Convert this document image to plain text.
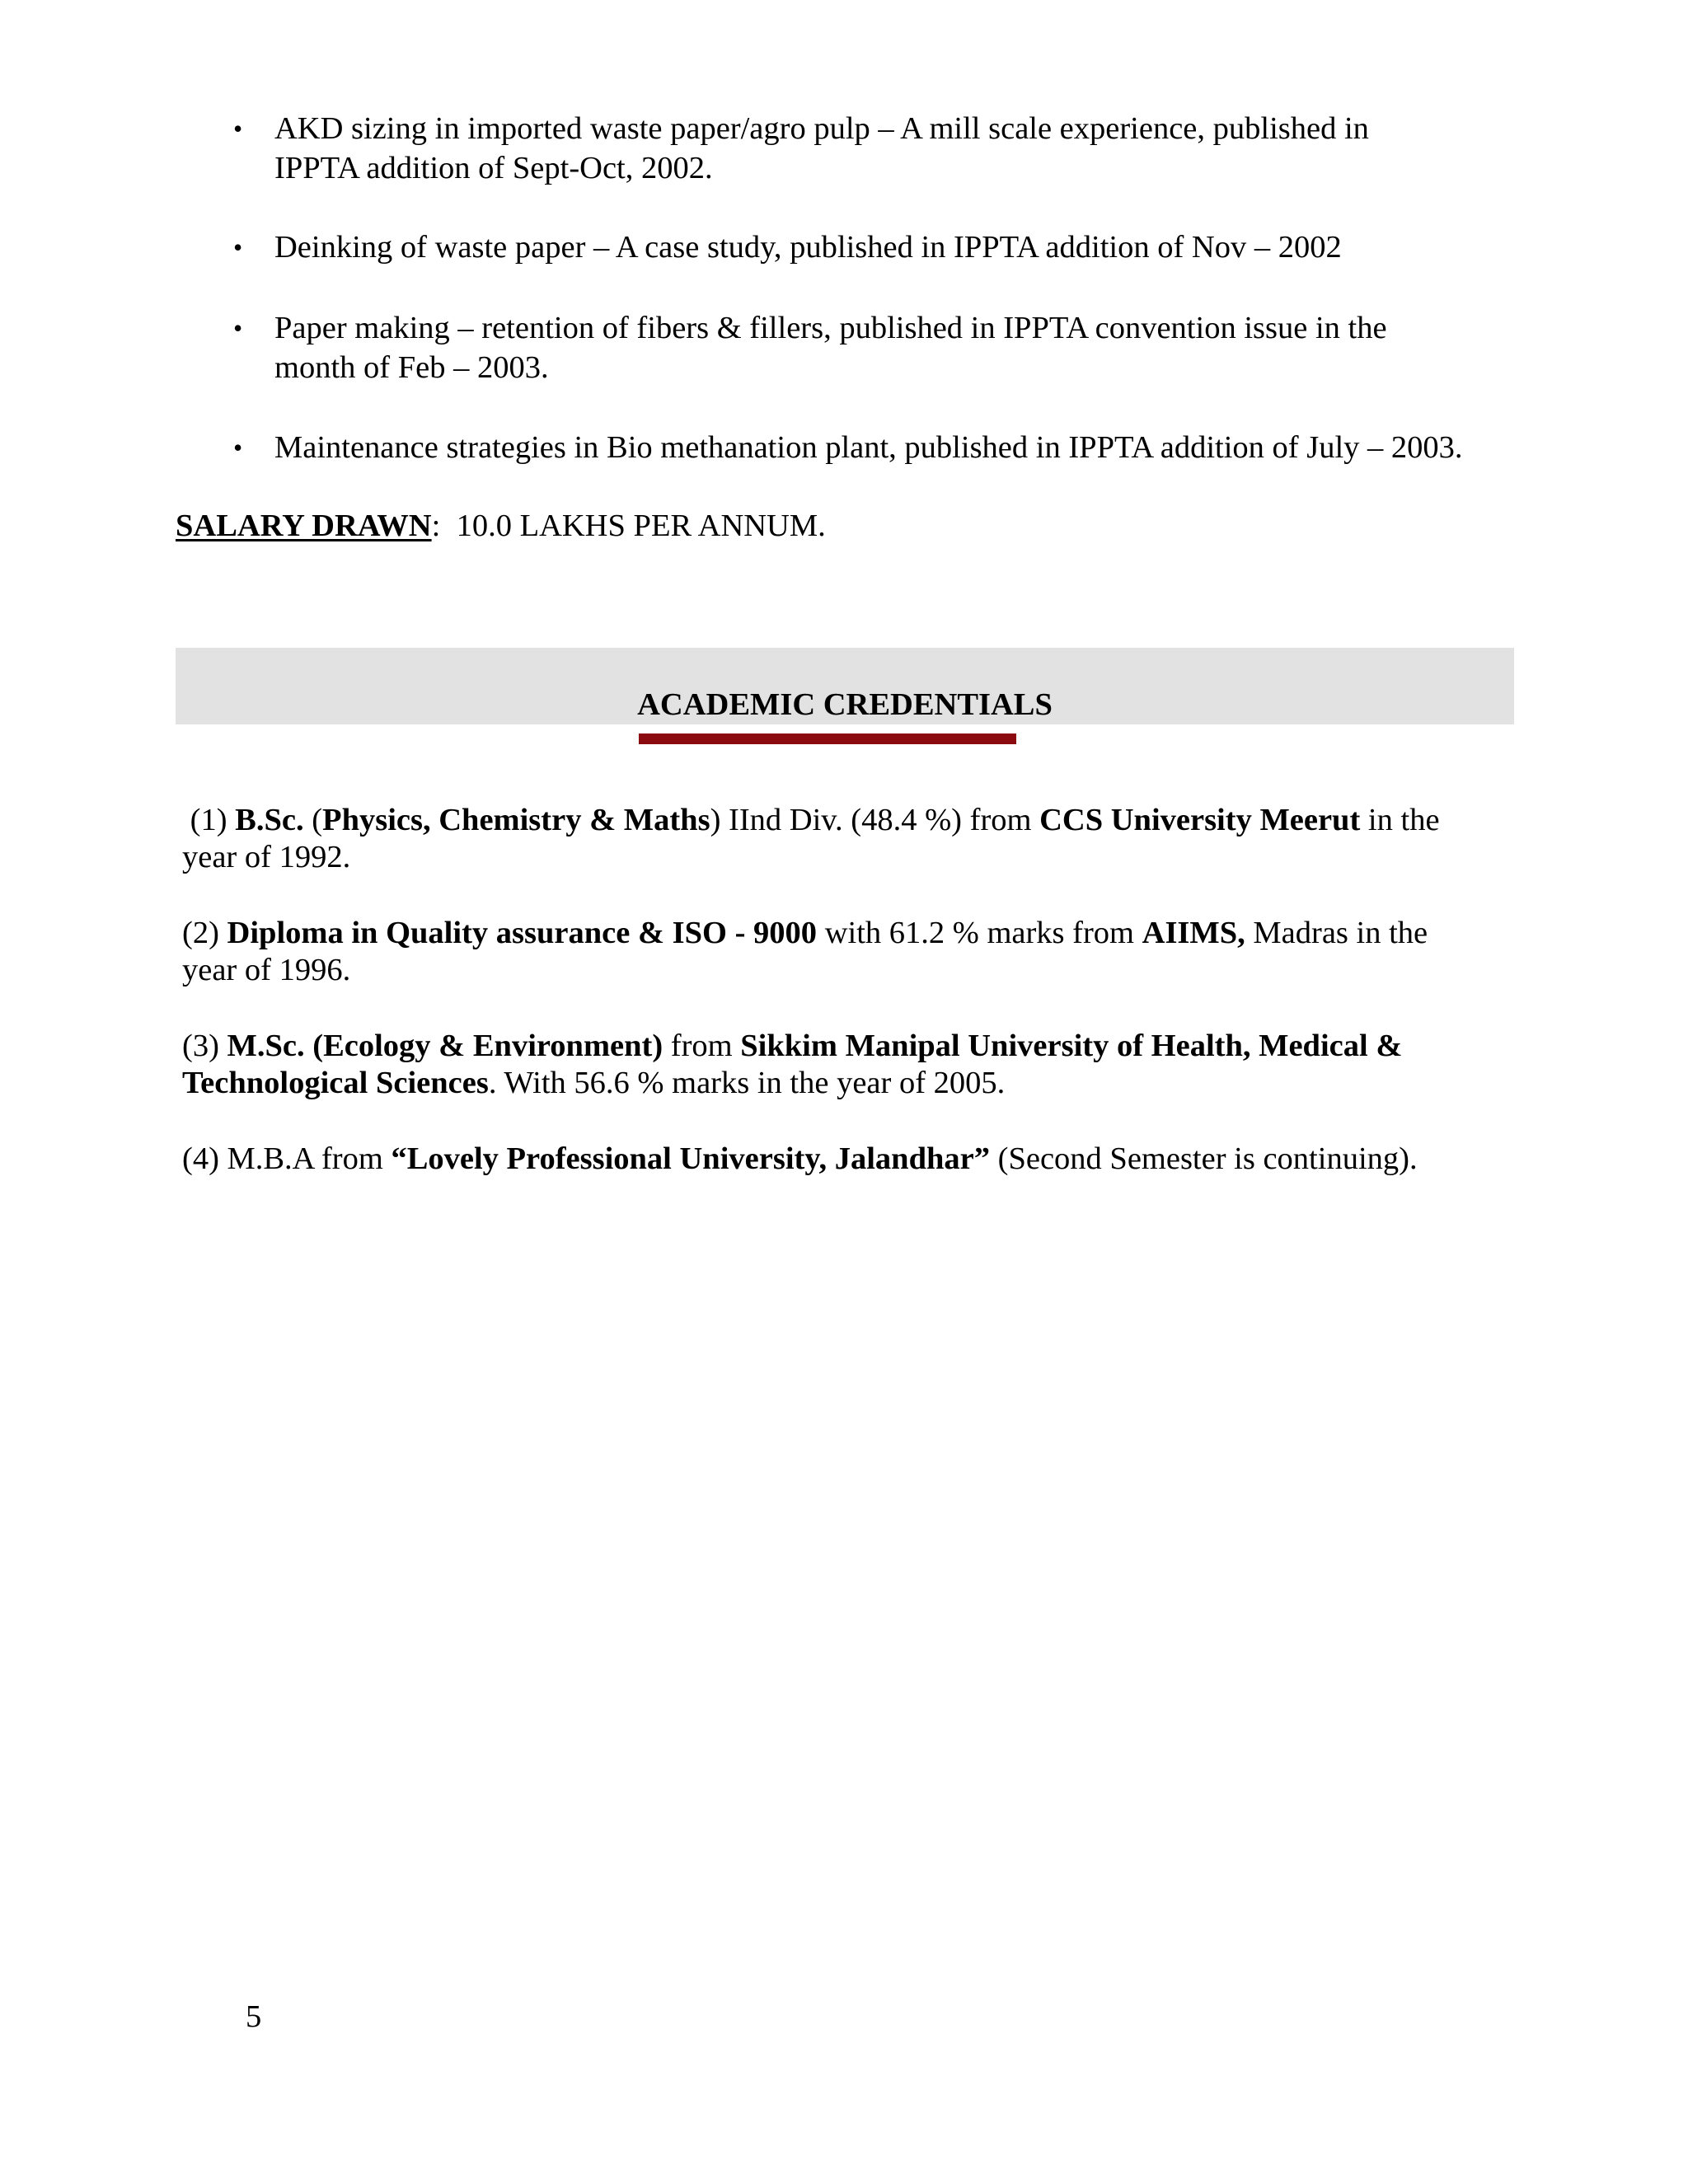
• AKD sizing in imported waste paper/agro pulp – A mill scale experience, published in
IPPTA addition of Sept-Oct, 2002.
• Deinking of waste paper – A case study, published in IPPTA addition of Nov – 2002
• Paper making – retention of fibers & fillers, published in IPPTA convention issue in the
month of Feb – 2003.
• Maintenance strategies in Bio methanation plant, published in IPPTA addition of July – 2003.
SALARY DRAWN: 10.0 LAKHS PER ANNUM.
ACADEMIC CREDENTIALS
(1) B.Sc. (Physics, Chemistry & Maths) IInd Div. (48.4 %) from CCS University Meerut in the
year of 1992.
(2) Diploma in Quality assurance & ISO - 9000 with 61.2 % marks from AIIMS, Madras in the
year of 1996.
(3) M.Sc. (Ecology & Environment) from Sikkim Manipal University of Health, Medical &
Technological Sciences. With 56.6 % marks in the year of 2005.
(4) M.B.A from “Lovely Professional University, Jalandhar” (Second Semester is continuing).
5
